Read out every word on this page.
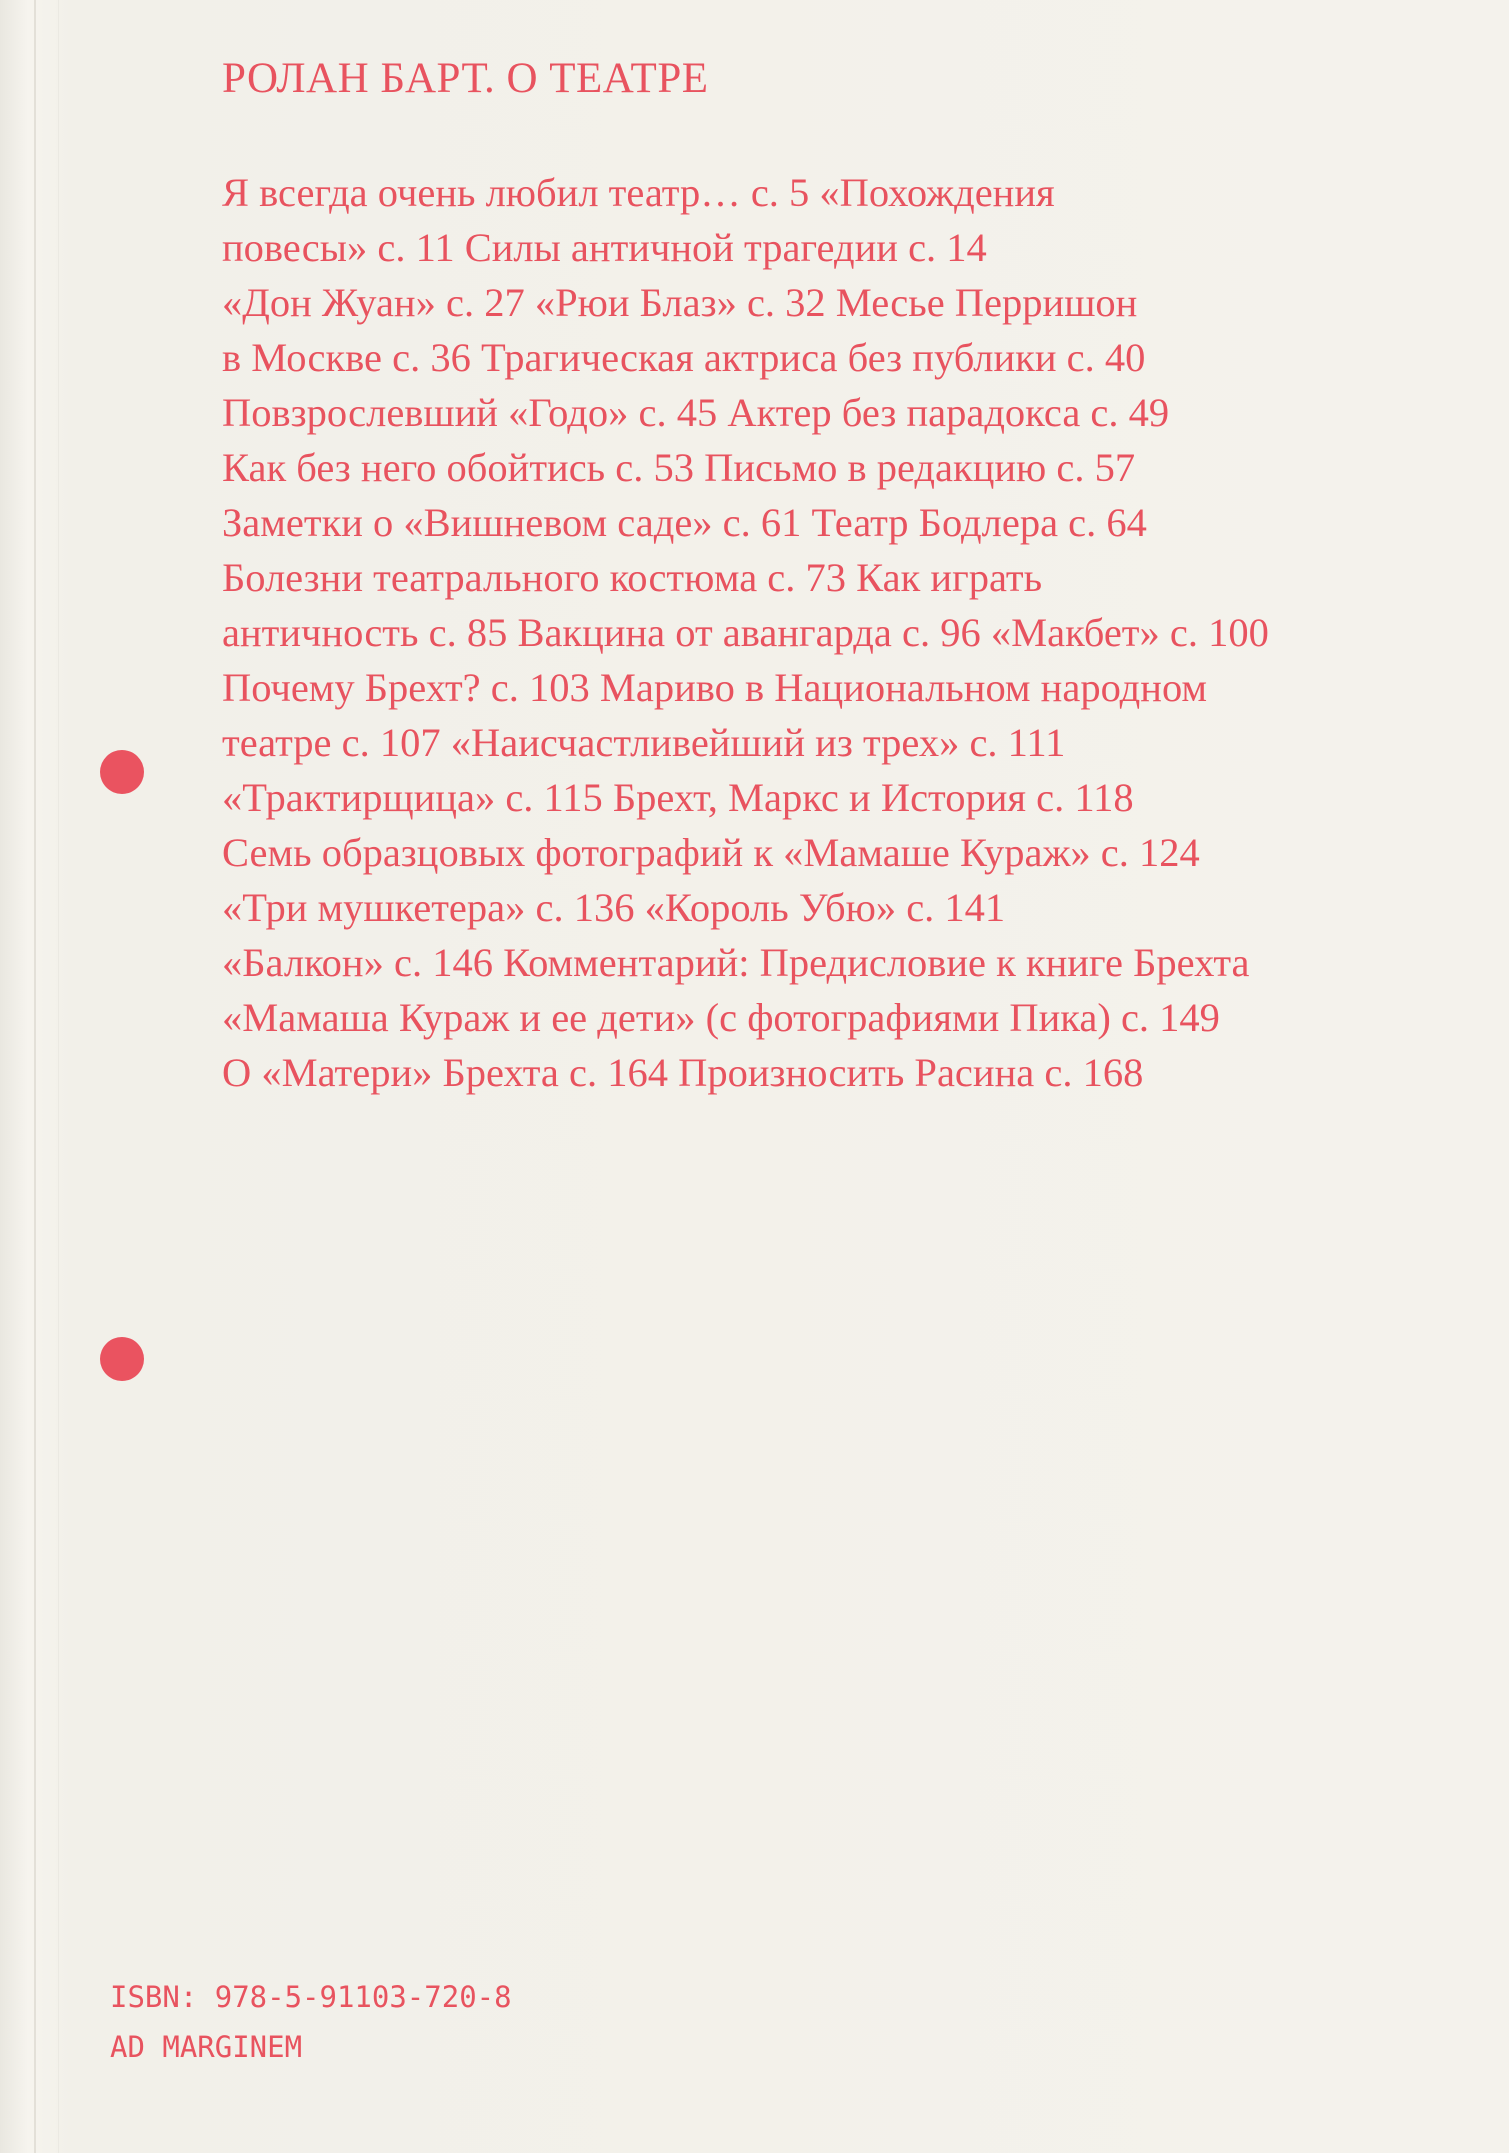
РОЛАН БАРТ. О ТЕАТРЕ
Я всегда очень любил театр… с. 5 «Похождения
повесы» с. 11 Силы античной трагедии с. 14
«Дон Жуан» с. 27 «Рюи Блаз» с. 32 Месье Перришон
в Москве с. 36 Трагическая актриса без публики с. 40
Повзрослевший «Годо» с. 45 Актер без парадокса с. 49
Как без него обойтись с. 53 Письмо в редакцию с. 57
Заметки о «Вишневом саде» с. 61 Театр Бодлера с. 64
Болезни театрального костюма с. 73 Как играть
античность с. 85 Вакцина от авангарда с. 96 «Макбет» с. 100
Почему Брехт? с. 103 Мариво в Национальном народном
театре с. 107 «Наисчастливейший из трех» с. 111
«Трактирщица» с. 115 Брехт, Маркс и История с. 118
Семь образцовых фотографий к «Мамаше Кураж» с. 124
«Три мушкетера» с. 136 «Король Убю» с. 141
«Балкон» с. 146 Комментарий: Предисловие к книге Брехта
«Мамаша Кураж и ее дети» (с фотографиями Пика) с. 149
О «Матери» Брехта с. 164 Произносить Расина с. 168
ISBN: 978-5-91103-720-8
AD MARGINEM
